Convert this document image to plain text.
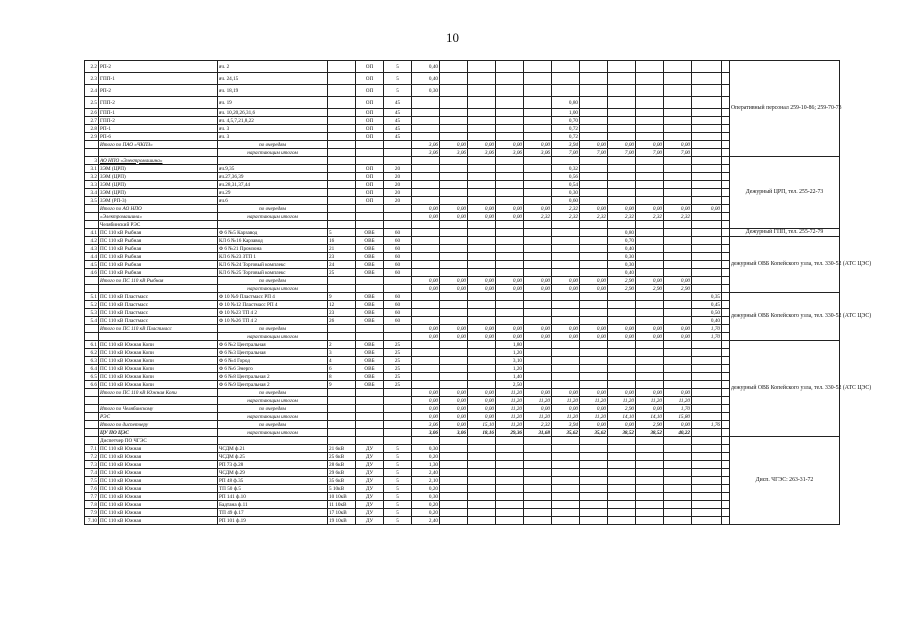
10
2.2	РП-2	яч. 2		ОП	5	0,40												Оперативный персонал 259-10-86; 259-70-73
2.3	ГПП-1	яч. 24,15		ОП	5	0,40												
2.4	РП-2	яч. 18,19		ОП	5	0,30												
2.5	ГПП-2	яч. 19		ОП	45						0,80							
2.6	ГПП-1	яч. 10,20,26,31,6		ОП	45						1,00							
2.7	ГПП-2	яч. 4,5,7,21,8,22		ОП	45						0,70							
2.8	РП-1	яч. 3		ОП	45						0,72							
2.9	РП-6	яч. 3		ОП	45						0,72							
	Итого по ПАО «ЧКПЗ»	по очередям				3,06	0,00	0,00	0,00	0,00	3,94	0,00	0,00	0,00	0,00			
		нарастающим итогом				3,06	3,06	3,06	3,06	3,06	7,00	7,00	7,00	7,00	7,00			
3	АО НПО «Электромашина»																	Дежурный ЦРП, тел. 255-22-73
3.1	ЗЭМ (ЦРП)	яч.9,35		ОП	20						0,32							
3.2	ЗЭМ (ЦРП)	яч.27,36,39		ОП	20						0,56							
3.3	ЗЭМ (ЦРП)	яч.28,31,37,44		ОП	20						0,54							
3.4	ЗЭМ (ЦРП)	яч.29		ОП	20						0,30							
3.5	ЗЭМ (РП-3)	яч.6		ОП	20						0,60							
	Итого по АО НПО	по очередям				0,00	0,00	0,00	0,00	0,00	2,32	0,00	0,00	0,00	0,00	0,00		
	«Электромашина»	нарастающим итогом				0,00	0,00	0,00	0,00	2,32	2,32	2,32	2,32	2,32	2,32			
	Челябинский РЭС																	
4.1	ПС 110 кВ Рыбная	Ф 6 №5 Карзавод	5	ОВБ	60								0,80					Дежурный ГПП, тел. 255-72-79
4.2	ПС 110 кВ Рыбная	КЛ 6 №16 Карзавод	16	ОВБ	60								0,70					дежурный ОВБ Копейского узла, тел. 330-52 (АТС ЦЭС)
4.3	ПС 110 кВ Рыбная	Ф 6 №21 Промзона	21	ОВБ	60								0,40					
4.4	ПС 110 кВ Рыбная	КЛ 6 №23 ЗТП 1	23	ОВБ	60								0,30					
4.5	ПС 110 кВ Рыбная	КЛ 6 №24 Торговый комплекс	24	ОВБ	60								0,30					
4.6	ПС 110 кВ Рыбная	КЛ 6 №25 Торговый комплекс	25	ОВБ	60								0,40					
	Итого по ПС 110 кВ Рыбная	по очередям				0,00	0,00	0,00	0,00	0,00	0,00	0,00	2,90	0,00	0,00			
		нарастающим итогом				0,00	0,00	0,00	0,00	0,00	0,00	0,00	2,90	2,90	2,90			
5.1	ПС 110 кВ Пластмасс	Ф 10 №9 Пластмасс РП 4	9	ОВБ	60											0,35		дежурный ОВБ Копейского узла, тел. 330-52 (АТС ЦЭС)
5.2	ПС 110 кВ Пластмасс	Ф 10 №12 Пластмасс РП 4	12	ОВБ	60											0,45		
5.3	ПС 110 кВ Пластмасс	Ф 10 №23 ТП 4 2	23	ОВБ	60											0,50		
5.4	ПС 110 кВ Пластмасс	Ф 10 №26 ТП 4 2	26	ОВБ	60											0,40		
	Итого по ПС 110 кВ Пластмасс	по очередям				0,00	0,00	0,00	0,00	0,00	0,00	0,00	0,00	0,00	0,00	1,70		
		нарастающим итогом				0,00	0,00	0,00	0,00	0,00	0,00	0,00	0,00	0,00	0,00	1,70		
6.1	ПС 110 кВ Южная Копи	Ф 6 №2 Центральная	2	ОВБ	25				1,80									дежурный ОВБ Копейского узла, тел. 330-52 (АТС ЦЭС)
6.2	ПС 110 кВ Южная Копи	Ф 6 №3 Центральная	3	ОВБ	25				1,20									
6.3	ПС 110 кВ Южная Копи	Ф 6 №4 Город	4	ОВБ	25				3,10									
6.4	ПС 110 кВ Южная Копи	Ф 6 №6 Энерго	6	ОВБ	25				1,20									
6.5	ПС 110 кВ Южная Копи	Ф 6 №8 Центральная 2	8	ОВБ	25				1,40									
6.6	ПС 110 кВ Южная Копи	Ф 6 №9 Центральная 2	9	ОВБ	25				2,50									
	Итого по ПС 110 кВ Южная Копи	по очередям				0,00	0,00	0,00	11,20	0,00	0,00	0,00	0,00	0,00	0,00			
		нарастающим итогом				0,00	0,00	0,00	11,20	11,20	11,20	11,20	11,20	11,20	11,20			
	Итого по Челябинскому	по очередям				0,00	0,00	0,00	11,20	0,00	0,00	0,00	2,90	0,00	1,70			
	РЭС	нарастающим итогом				0,00	0,00	0,00	11,20	11,20	11,20	11,20	14,10	14,10	15,80			
	Итого по диспетчеру	по очередям				3,06	0,00	15,10	11,20	2,32	3,94	0,00	0,00	2,90	0,00	1,76		
	ЦУ ПО ЦЭС	нарастающим итогом				3,06	3,06	18,16	29,36	31,68	35,62	35,62	38,52	38,52	40,22			
	Диспетчер ПО ЧГЭС																	Дисп. ЧГЭС: 263-31-72
7.1	ПС 110 кВ Южная	ЧСДМ ф.21	21 6кВ	ДУ	5	0,30												
7.2	ПС 110 кВ Южная	ЧСДМ ф.25	25 6кВ	ДУ	5	0,20												
7.3	ПС 110 кВ Южная	РП 73 ф.28	28 6кВ	ДУ	5	1,30												
7.4	ПС 110 кВ Южная	ЧСДМ ф.29	29 6кВ	ДУ	5	2,40												
7.5	ПС 110 кВ Южная	РП 48 ф.35	35 6кВ	ДУ	5	2,10												
7.6	ПС 110 кВ Южная	ТП 50 ф.5	5 10кВ	ДУ	5	0,20												
7.7	ПС 110 кВ Южная	РП 141 ф.10	10 10кВ	ДУ	5	0,30												
7.8	ПС 110 кВ Южная	Бадтана ф.11	11 10кВ	ДУ	5	0,20												
7.9	ПС 110 кВ Южная	ТП 49 ф.17	17 10кВ	ДУ	5	0,20												
7.10	ПС 110 кВ Южная	РП 101 ф.19	19 10кВ	ДУ	5	2,40												
